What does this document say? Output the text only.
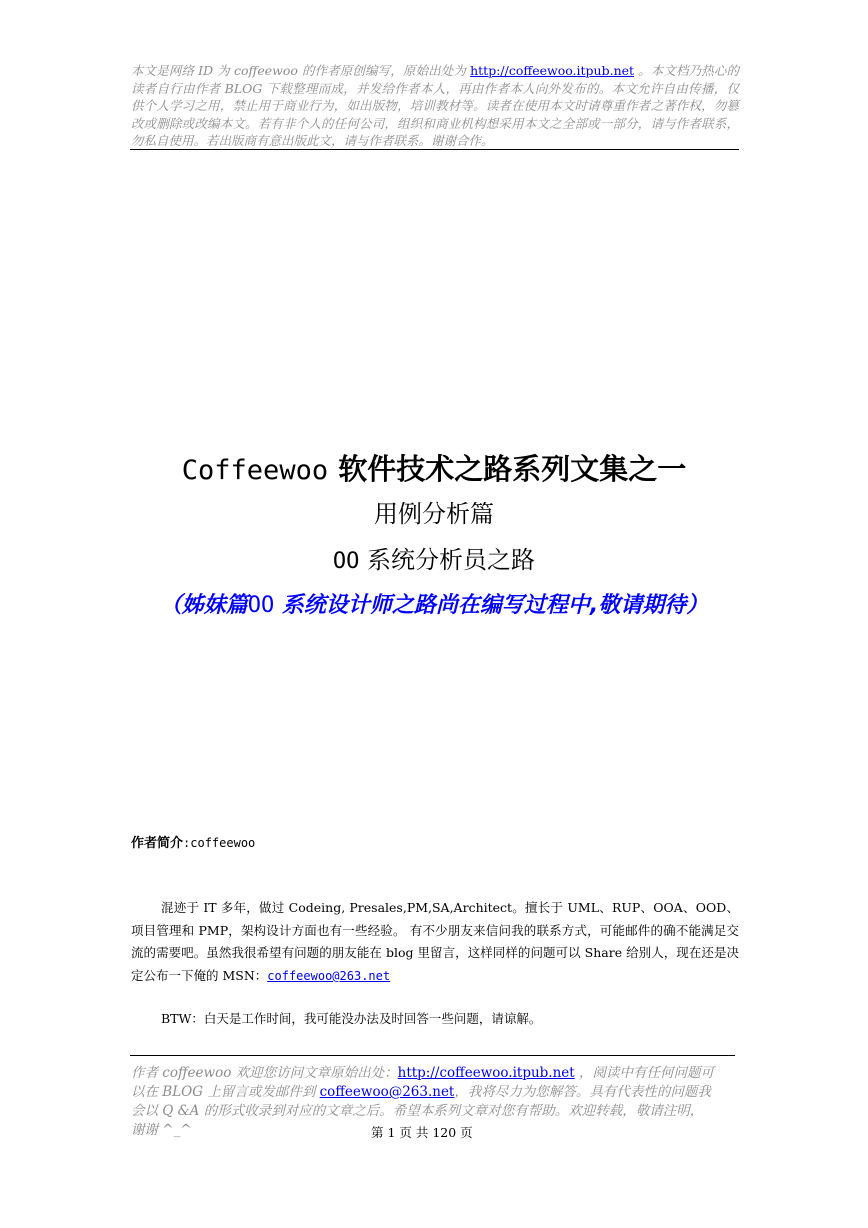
本文是网络 ID 为 coffeewoo 的作者原创编写，原始出处为 http://coffeewoo.itpub.net 。本文档乃热心的读者自行由作者 BLOG 下载整理而成，并发给作者本人，再由作者本人向外发布的。本文允许自由传播，仅供个人学习之用，禁止用于商业行为，如出版物，培训教材等。读者在使用本文时请尊重作者之著作权，勿篡改或删除或改编本文。若有非个人的任何公司，组织和商业机构想采用本文之全部或一部分，请与作者联系，勿私自使用。若出版商有意出版此文，请与作者联系。谢谢合作。
Coffeewoo 软件技术之路系列文集之一
用例分析篇
OO 系统分析员之路
（姊妹篇OO 系统设计师之路尚在编写过程中,敬请期待）
作者简介:coffeewoo
混迹于 IT 多年，做过 Codeing, Presales,PM,SA,Architect。擅长于 UML、RUP、OOA、OOD、项目管理和 PMP，架构设计方面也有一些经验。 有不少朋友来信问我的联系方式，可能邮件的确不能满足交流的需要吧。虽然我很希望有问题的朋友能在 blog 里留言，这样同样的问题可以 Share 给别人，现在还是决定公布一下俺的 MSN：coffeewoo@263.net
BTW：白天是工作时间，我可能没办法及时回答一些问题，请谅解。
作者 coffeewoo 欢迎您访问文章原始出处：http://coffeewoo.itpub.net ，阅读中有任何问题可以在 BLOG 上留言或发邮件到 coffeewoo@263.net，我将尽力为您解答。具有代表性的问题我会以 Q &A 的形式收录到对应的文章之后。希望本系列文章对您有帮助。欢迎转载，敬请注明，谢谢 ^_^	第 1 页 共 120 页
